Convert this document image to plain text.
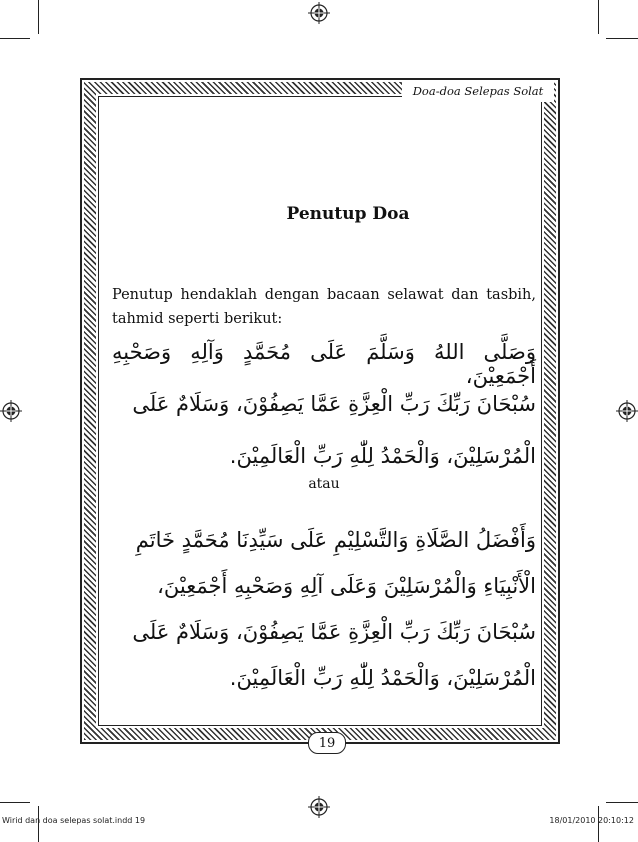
Doa-doa Selepas Solat
Penutup Doa
Penutup hendaklah dengan bacaan selawat dan tasbih, tahmid seperti berikut:
وَصَلَّى اللهُ وَسَلَّمَ عَلَى مُحَمَّدٍ وَآلِهِ وَصَحْبِهِ أَجْمَعِيْنَ،
سُبْحَانَ رَبِّكَ رَبِّ الْعِزَّةِ عَمَّا يَصِفُوْنَ، وَسَلَامٌ عَلَى
الْمُرْسَلِيْنَ، وَالْحَمْدُ لِلّٰهِ رَبِّ الْعَالَمِيْنَ.
atau
وَأَفْضَلُ الصَّلَاةِ وَالتَّسْلِيْمِ عَلَى سَيِّدِنَا مُحَمَّدٍ خَاتَمِ
الْأَنْبِيَاءِ وَالْمُرْسَلِيْنَ وَعَلَى آلِهِ وَصَحْبِهِ أَجْمَعِيْنَ،
سُبْحَانَ رَبِّكَ رَبِّ الْعِزَّةِ عَمَّا يَصِفُوْنَ، وَسَلَامٌ عَلَى
الْمُرْسَلِيْنَ، وَالْحَمْدُ لِلّٰهِ رَبِّ الْعَالَمِيْنَ.
19
Wirid dan doa selepas solat.indd 19	18/01/2010 20:10:12
